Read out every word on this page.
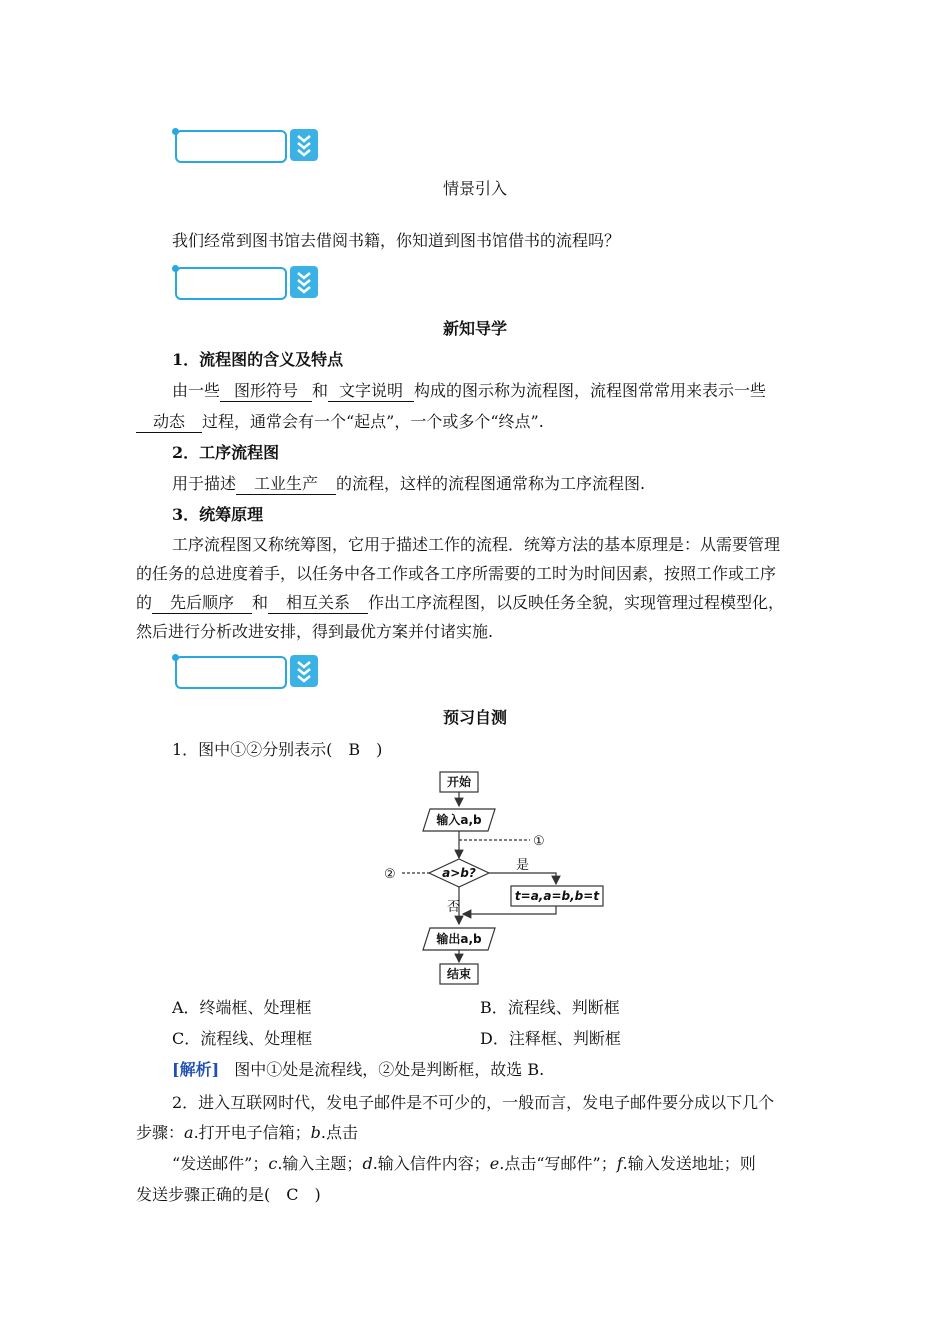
情景引入
我们经常到图书馆去借阅书籍，你知道到图书馆借书的流程吗？
新知导学
1．流程图的含义及特点
由一些 图形符号 和 文字说明 构成的图示称为流程图，流程图常常用来表示一些
动态 过程，通常会有一个“起点”，一个或多个“终点”.
2．工序流程图
用于描述 工业生产 的流程，这样的流程图通常称为工序流程图.
3．统筹原理
工序流程图又称统筹图，它用于描述工作的流程．统筹方法的基本原理是：从需要管理
的任务的总进度着手，以任务中各工作或各工序所需要的工时为时间因素，按照工作或工序
的 先后顺序 和 相互关系 作出工序流程图，以反映任务全貌，实现管理过程模型化，
然后进行分析改进安排，得到最优方案并付诸实施.
预习自测
1．图中①②分别表示(　B　)
开始
输入a,b
a>b?
t=a,a=b,b=t
输出a,b
结束
①
②
是
否
A．终端框、处理框	B．流程线、判断框
C．流程线、处理框	D．注释框、判断框
[解析] 图中①处是流程线，②处是判断框，故选 B.
2．进入互联网时代，发电子邮件是不可少的，一般而言，发电子邮件要分成以下几个
步骤：a.打开电子信箱；b.点击
“发送邮件”；c.输入主题；d.输入信件内容；e.点击“写邮件”；f.输入发送地址；则
发送步骤正确的是(　C　)
